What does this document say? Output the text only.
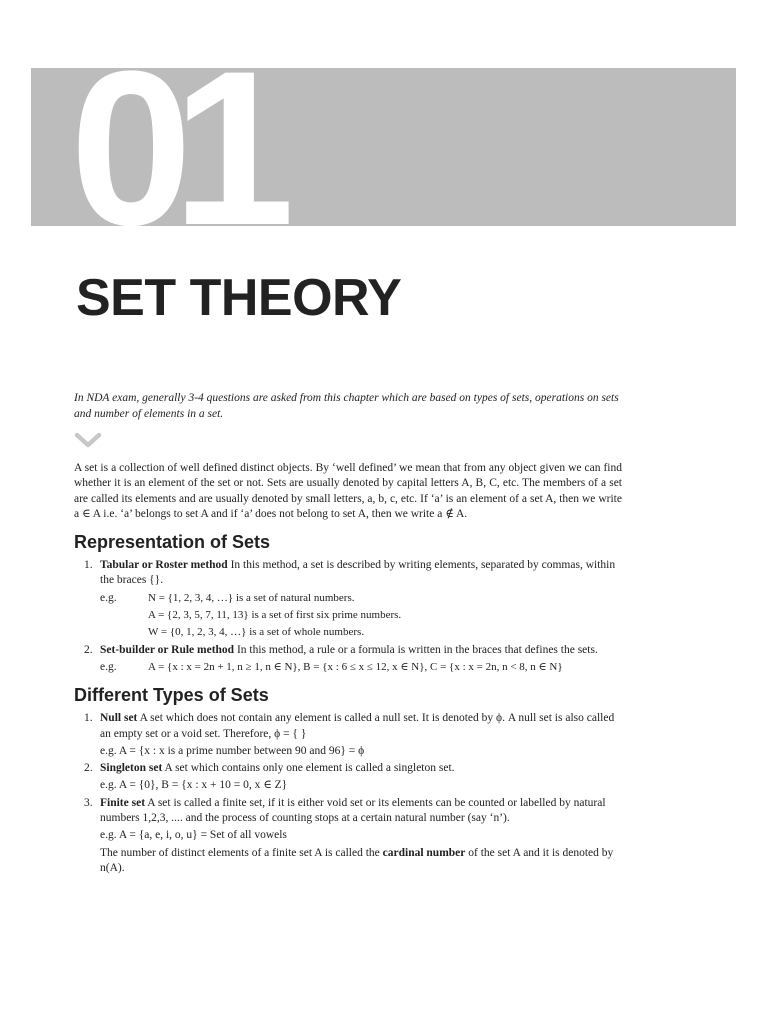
01
SET THEORY

In NDA exam, generally 3-4 questions are asked from this chapter which are based on types of sets, operations on sets and number of elements in a set.

A set is a collection of well defined distinct objects. By ‘well defined’ we mean that from any object given we can find whether it is an element of the set or not. Sets are usually denoted by capital letters A, B, C, etc. The members of a set are called its elements and are usually denoted by small letters, a, b, c, etc. If ‘a’ is an element of a set A, then we write a ∈ A i.e. ‘a’ belongs to set A and if ‘a’ does not belong to set A, then we write a ∉ A.

Representation of Sets
1. Tabular or Roster method In this method, a set is described by writing elements, separated by commas, within the braces {}.

e.g.	N = {1, 2, 3, 4, …} is a set of natural numbers.
A = {2, 3, 5, 7, 11, 13} is a set of first six prime numbers.
W = {0, 1, 2, 3, 4, …} is a set of whole numbers.
2. Set-builder or Rule method In this method, a rule or a formula is written in the braces that defines the sets.

e.g.	A = {x : x = 2n + 1, n ≥ 1, n ∈ N}, B = {x : 6 ≤ x ≤ 12, x ∈ N}, C = {x : x = 2n, n < 8, n ∈ N}
Different Types of Sets
1. Null set A set which does not contain any element is called a null set. It is denoted by ϕ. A null set is also called an empty set or a void set. Therefore, ϕ = { }

e.g. A = {x : x is a prime number between 90 and 96} = ϕ
2. Singleton set A set which contains only one element is called a singleton set.

e.g. A = {0}, B = {x : x + 10 = 0, x ∈ Z}
3. Finite set A set is called a finite set, if it is either void set or its elements can be counted or labelled by natural numbers 1,2,3, .... and the process of counting stops at a certain natural number (say ‘n’).

e.g. A = {a, e, i, o, u} = Set of all vowels

The number of distinct elements of a finite set A is called the cardinal number of the set A and it is denoted by n(A).
